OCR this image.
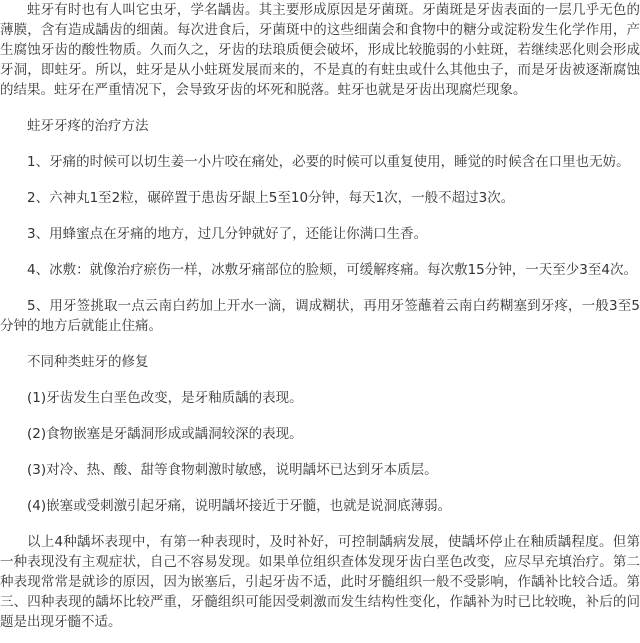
蛀牙有时也有人叫它虫牙，学名龋齿。其主要形成原因是牙菌斑。牙菌斑是牙齿表面的一层几乎无色的薄膜，含有造成龋齿的细菌。每次进食后，牙菌斑中的这些细菌会和食物中的糖分或淀粉发生化学作用，产生腐蚀牙齿的酸性物质。久而久之，牙齿的珐琅质便会破坏，形成比较脆弱的小蛀斑，若继续恶化则会形成牙洞，即蛀牙。所以，蛀牙是从小蛀斑发展而来的，不是真的有蛀虫或什么其他虫子，而是牙齿被逐渐腐蚀的结果。蛀牙在严重情况下，会导致牙齿的坏死和脱落。蛀牙也就是牙齿出现腐烂现象。

蛀牙牙疼的治疗方法

1、牙痛的时候可以切生姜一小片咬在痛处，必要的时候可以重复使用，睡觉的时候含在口里也无妨。

2、六神丸1至2粒，碾碎置于患齿牙龈上5至10分钟，每天1次，一般不超过3次。

3、用蜂蜜点在牙痛的地方，过几分钟就好了，还能让你满口生香。

4、冰敷：就像治疗瘀伤一样，冰敷牙痛部位的脸颊，可缓解疼痛。每次敷15分钟，一天至少3至4次。

5、用牙签挑取一点云南白药加上开水一滴，调成糊状，再用牙签蘸着云南白药糊塞到牙疼，一般3至5分钟的地方后就能止住痛。

不同种类蛀牙的修复

(1)牙齿发生白垩色改变，是牙釉质龋的表现。

(2)食物嵌塞是牙龋洞形成或龋洞较深的表现。

(3)对冷、热、酸、甜等食物刺激时敏感，说明龋坏已达到牙本质层。

(4)嵌塞或受刺激引起牙痛，说明龋坏接近于牙髓，也就是说洞底薄弱。

以上4种龋坏表现中，有第一种表现时，及时补好，可控制龋病发展，使龋坏停止在釉质龋程度。但第一种表现没有主观症状，自己不容易发现。如果单位组织查体发现牙齿白垩色改变，应尽早充填治疗。第二种表现常常是就诊的原因，因为嵌塞后，引起牙齿不适，此时牙髓组织一般不受影响，作龋补比较合适。第三、四种表现的龋坏比较严重，牙髓组织可能因受刺激而发生结构性变化，作龋补为时已比较晚，补后的问题是出现牙髓不适。
